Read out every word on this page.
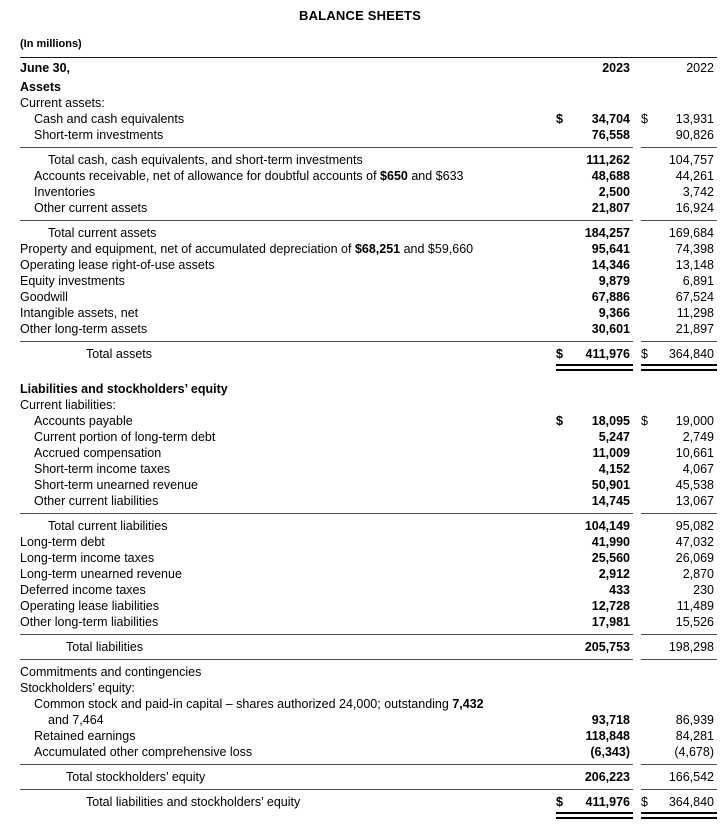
BALANCE SHEETS
(In millions)
June 30,	2023	2022
Assets
Current assets:
Cash and cash equivalents	$ 34,704 $ 13,931
Short-term investments	76,558	90,826
Total cash, cash equivalents, and short-term investments	111,262	104,757
Accounts receivable, net of allowance for doubtful accounts of $650 and $633	48,688	44,261
Inventories	2,500	3,742
Other current assets	21,807	16,924
Total current assets	184,257	169,684
Property and equipment, net of accumulated depreciation of $68,251 and $59,660	95,641	74,398
Operating lease right-of-use assets	14,346	13,148
Equity investments	9,879	6,891
Goodwill	67,886	67,524
Intangible assets, net	9,366	11,298
Other long-term assets	30,601	21,897
Total assets	$ 411,976 $ 364,840
Liabilities and stockholders’ equity
Current liabilities:
Accounts payable	$ 18,095 $ 19,000
Current portion of long-term debt	5,247	2,749
Accrued compensation	11,009	10,661
Short-term income taxes	4,152	4,067
Short-term unearned revenue	50,901	45,538
Other current liabilities	14,745	13,067
Total current liabilities	104,149	95,082
Long-term debt	41,990	47,032
Long-term income taxes	25,560	26,069
Long-term unearned revenue	2,912	2,870
Deferred income taxes	433	230
Operating lease liabilities	12,728	11,489
Other long-term liabilities	17,981	15,526
Total liabilities	205,753	198,298
Commitments and contingencies
Stockholders’ equity:
Common stock and paid-in capital – shares authorized 24,000; outstanding 7,432
and 7,464	93,718	86,939
Retained earnings	118,848	84,281
Accumulated other comprehensive loss	(6,343)	(4,678)
Total stockholders’ equity	206,223	166,542
Total liabilities and stockholders’ equity	$ 411,976 $ 364,840
